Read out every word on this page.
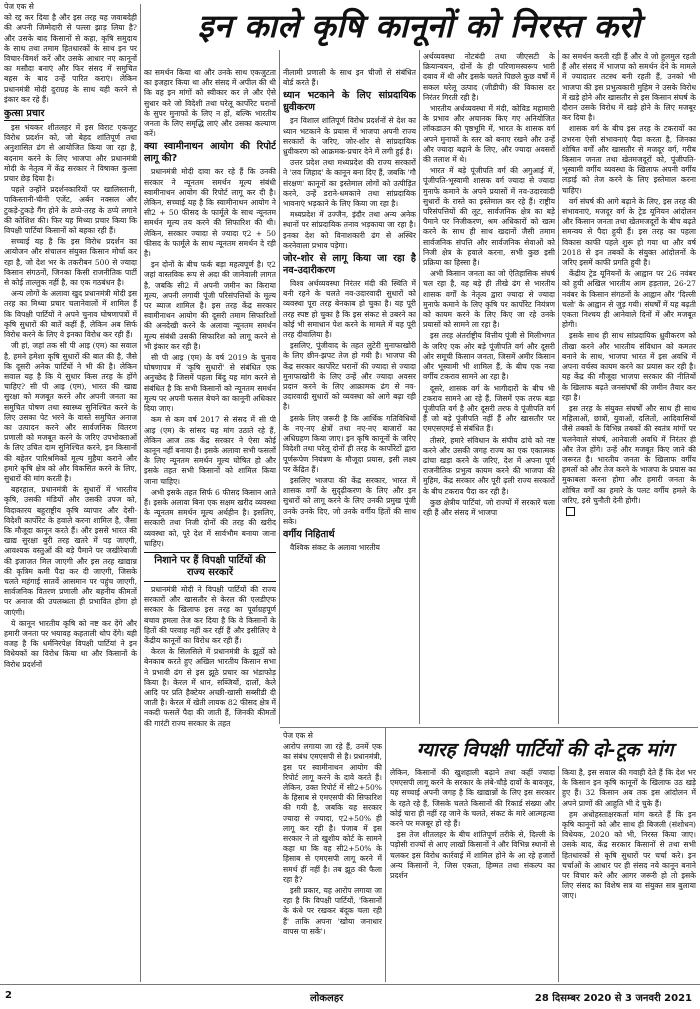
इन काले कृषि कानूनों को निरस्त करो

पेज एक से

को रद्द कर दिया है और इस तरह यह जवाबदेही की अपनी जिम्मेदारी से पल्ला झाड़ लिया है? और उसके बाद किसानों से कहा, कृषि समुदाय के साथ तथा तमाम हितधारकों के साथ इन पर विचार-विमर्श करें और उसके आधार नए कानूनों का मसौदा बनाएं और फिर संसद में समुचित बहस के बाद उन्हें पारित कराएं। लेकिन प्रधानमंत्री मोदी दुराग्रह के साथ यही करने से इंकार कर रहे हैं।

कुत्सा प्रचार

इस भंयकर शीतलहर में इस विराट एकजुट विरोध प्रदर्शन को, जो बेहद शांतिपूर्ण तथा अनुशासित ढंग से आयोजित किया जा रहा है, बदनाम करने के लिए भाजपा और प्रधानमंत्री मोदी के नेतृत्व में केंद्र सरकार ने विषाक्त कुत्सा प्रचार छेड़ दिया है।

पहले उन्होंने प्रदर्शनकारियों पर खालिस्तानी, पाकिस्तानी-चीनी एजेंट, अर्बन नक्सल और टुकड़े-टुकड़े गैंग होने के ठप्पे-तरह के ठप्पे लगाने की कोशिश की। फिर यह मिथ्या प्रचार किया कि विपक्षी पार्टियां किसानों को बहका रही हैं।

सच्चाई यह है कि इस विरोध प्रदर्शन का आयोजन और संचालन संयुक्त किसान मोर्चा कर रहा है, जो देश भर के तकरीबन 500 से ज्यादा किसान संगठनों, जिनका किसी राजनीतिक पार्टी से कोई ताल्लुक नहीं है, का एक गठबंधन है।

अन्य लोगों के अलावा खुद प्रधानमंत्री मोदी इस तरह का मिथ्या प्रचार चलानेवालों में शामिल हैं कि विपक्षी पार्टियों ने अपने चुनाव घोषणापत्रों में कृषि सुधारों की बातें कहीं हैं, लेकिन अब सिर्फ विरोध करने के लिए वे इनका विरोध कर रही हैं।

जी हां, जहां तक सी पी आइ (एम) का सवाल है, हमने हमेशा कृषि सुधारों की बात की है, जैसे कि दूसरी अनेक पार्टियों ने भी की है। लेकिन सवाल यह है कि ये सुधार किस तरह के होंगे चाहिए? सी पी आइ (एम), भारत की खाद्य सुरक्षा को मजबूत करने और अपनी जनता का समुचित पोषण तथा स्वास्थ्य सुनिश्चित करने के लिए उसका पेट भरने के वास्ते समुचित अनाज का उत्पादन करने और सार्वजनिक वितरण प्रणाली को मजबूत करने के जरिए उपभोक्ताओं के लिए उचित दाम सुनिश्चित करने, इन किसानों की बहेतर पारिश्रमिकों मूल्य मुहैया कराने और हमारे कृषि क्षेत्र को और विकसित करने के लिए, सुधारों की मांग करती है।

बहरहाल, प्रधानमंत्री के सुधारों में भारतीय कृषि, उसकी मंडियों और उसकी उपज को, विदाकारय बहुराष्ट्रीय कृषि व्यापार और देसी-विदेशी कार्पोरेट के हवाले करना शामिल है, जैसा कि मौजूदा कानून करते हैं। और इससे भारत की खाद्य सुरक्षा बुरी तरह खतरे में पड़ जाएगी, आवश्यक वस्तुओं की बड़े पैमाने पर जखीरेबाजी की इजाजत मिल जाएगी और इस तरह खाद्यान्न की कृत्रिम कमी पैदा कर दी जाएगी, जिसके चलते महंगाई सातवें आसमान पर पहुंच जाएगी, सार्वजनिक वितरण प्रणाली और बहनीय कीमतों पर अनाज की उपलब्धता ही प्रभावित होगा हो जाएंगी।

ये कानून भारतीय कृषि को नष्ट कर देंगे और हमारी जनता पर भयावह कहताली थोप देंगे। यही वजह है कि धर्मनिरपेक्ष विपक्षी पार्टियां ने इन विधेयकों का विरोध किया था और किसानों के विरोध प्रदर्शनों

का समर्थन किया था और उनके साथ एकजुटता का इजहार किया था और संसद में अपील की थी कि वह इन मांगों को स्वीकार कर ले और ऐसे सुधार करे जो विदेशी तथा घरेलू कार्पोरेट घरानों के सुपर मुनाफों के लिए न हों, बल्कि भारतीय जनता के लिए समृद्धि लाएं और उसका कल्याण करें।

क्या स्वामीनाथन आयोग की रिपोर्ट लागू की?

प्रधानमंत्री मोदी दावा कर रहे हैं कि उनकी सरकार ने न्यूनतम समर्थन मूल्य संबंधी स्वामीनाथन आयोग की रिपोर्ट लागू कर दी है। लेकिन, सच्चाई यह है कि स्वामीनाथन आयोग ने सी2 + 50 फीसद के फार्मूले के साथ न्यूनतम समर्थन मूल्य तय करने की सिफारिश की थी। लेकिन, सरकार ज्यादा से ज्यादा ए2 + 50 फीसद के फार्मूले के साथ न्यूनतम समर्थन दे रही है।

इन दोनों के बीच फर्क बड़ा महत्वपूर्ण है। ए2 जहां वास्तविक रूप से अदा की जानेवाली लागत है, जबकि सी2 में अपनी जमीन का किराया मूल्य, अपनी लगायी पूंजी परिसंपत्तियों के मूल्य पर ब्याज शामिल है। इस तरह केंद्र सरकार स्वामीनाथन आयोग की दूसरी तमाम सिफारिशों की अनदेखी करने के अलावा न्यूनतम समर्थन मूल्य संबंधी उसकी सिफारिश को लागू करने से भी इंकार कर रही है।

सी पी आइ (एम) के वर्ष 2019 के चुनाव घोषणापत्र में 'कृषि सुधारों' से संबंधित एक अनुच्छेद है जिसमें पहला बिंदु यह मांग करने से संबंधित है कि सभी किसानों को न्यूनतम समर्थन मूल्य पर अपनी फसल बेचने का कानूनी अधिकार दिया जाए।

कम से कम वर्ष 2017 से संसद में सी पी आइ (एम) के सांसद यह मांग उठाते रहे हैं, लेकिन आज तक केंद्र सरकार ने ऐसा कोई कानून नहीं बनाया है। इसके अलावा सभी फसलों के लिए न्यूनतम समर्थन मूल्य घोषित हो और इसके तहत सभी किसानों को शामिल किया जाना चाहिए।

अभी इसके तहत सिर्फ 6 फीसद किसान आते हैं। इसके अलावा बिना एक सक्षम खरीद व्यवस्था के न्यूनतम समर्थन मूल्य अर्थहीन है। इसलिए, सरकारी तथा निजी दोनों की तरह की खरीद व्यवस्था को, पूरे देश में सार्वभौम बनाया जाना चाहिए।

निशाने पर हैं विपक्षी पार्टियों की राज्य सरकारें

प्रधानमंत्री मोदी ने विपक्षी पार्टियों की राज्य सरकारों और खासतौर से केरल की एलडीएफ सरकार के खिलाफ इस तरह का पूर्वाग्रहपूर्ण बचाव हमला तेज कर दिया है कि वे किसानों के हितों की परवाह नहीं कर रहीं हैं और इसीलिए वे केंद्रीय कानूनों का विरोध कर रही हैं।

केरल के सिलसिले में प्रधानमंत्री के झूठों को बेनकाब करते हुए अखिल भारतीय किसान सभा ने प्रभावी ढंग से इस झूठे प्रचार का भंडाफोड़ किया है। केरल में धान, सब्जियों, दालों, केले आदि पर प्रति हैक्टेयर अच्छी-खासी सब्सीडी दी जाती है। केरल में खेती लायक 82 फीसद क्षेत्र में नकदी फसलें पैदा की जाती हैं, जिनकी कीमतों की गारंटी राज्य सरकार के तहत

नीलामी प्रणाली के साथ इन चीजों से संबंधित बोर्ड करते हैं।

ध्यान भटकाने के लिए सांप्रदायिक ध्रुवीकरण

इन विशाल शांतिपूर्ण विरोध प्रदर्शनों से देश का ध्यान भटकाने के प्रयास में भाजपा अपनी राज्य सरकारों के जरिए, जोर-शोर से सांप्रदायिक ध्रुवीकरण को आक्रमक-प्रचार देने में लगी हुई है।

उत्तर प्रदेश तथा मध्यप्रदेश की राज्य सरकारों ने 'लव जिहाद' के कानून बना दिए हैं, जबकि 'गौ संरक्षण' कानूनों का इस्तेमाल लोगों को उत्पीड़ित करने, उन्हें डराने-धमकाने तथा सांप्रदायिक भावनाएं भड़काने के लिए किया जा रहा है।

मध्यप्रदेश में उज्जैन, इंदौर तथा अन्य अनेक स्थानों पर सांप्रदायिक तनाव भड़काया जा रहा है। इनका देश को विनाशकारी ढंग से अस्थिर करनेवाला प्रभाव पड़ेगा।

जोर-शोर से लागू किया जा रहा है नव-उदारीकरण

विश्व अर्थव्यवस्था निरंतर मंदी की स्थिति में बनी रहने के चलते नव-उदारवादी सुधारों को व्यवस्था पूरा तरह बेनकाब हो चुका है। यह पूरी तरह स्पष्ट हो चुका है कि इस संकट से उबरने का कोई भी समाधान पेश करने के मामले में यह पूरी तरह दीवालिया है।

इसलिए, पूंजीवाद के तहत लुटेरी मुनाफाखोरी के लिए छीन-झपट तेज हो गयी है। भाजपा की केंद्र सरकार कार्पोरेट घरानों की ज्यादा से ज्यादा मुनाफाखोरी के लिए उन्हें और ज्यादा अवसर प्रदान करने के लिए आक्रामक ढंग से नव-उदारवादी सुधारों को व्यवस्था को आगे बढ़ा रही है।

इसके लिए जरूरी है कि आर्थिक गतिविधियों के नए-नए क्षेत्रों तथा नए-नए बाजारों का अधिग्रहण किया जाए। इन कृषि कानूनों के जरिए विदेशी तथा घरेलू दोनों ही तरह के कार्पोरेटों द्वारा पूर्णरूपेण नियंत्रण के मौजूदा प्रयास, इसी लक्ष्य पर केंद्रित हैं।

इसलिए भाजपा की केंद्र सरकार, भारत में शासक वर्गों के सुदृढ़ीकरण के लिए और इन सुधारों को लागू करने के लिए उनकी प्रमुख पूंजी उनके उनके दिए, जो उनके वर्गीय हितों की साथ सके।

वर्गीय निहितार्थ

वैश्विक संकट के अलावा भारतीय

अर्थव्यवस्था नोटबंदी तथा जीएसटी के क्रियान्वयन, दोनों के ही परिणामस्वरूप भारी दबाव में थी और इसके चलते पिछले कुछ वर्षों में सकल घरेलू उत्पाद (जीडीपी) की विकास दर निरंतर गिरती रही है।

भारतीय अर्थव्यवस्था में मंदी, कोविड महामारी के प्रभाव और अचानक किए गए अनियोजित लॉकडाउन की पृष्ठभूमि में, भारत के शासक वर्ग अपने मुनाफों के स्तर को बनाए रखने और उन्हें और ज्यादा बढ़ाने के लिए, और ज्यादा अवसरों की तलाश में थे।

भारत में बड़े पूंजीपति वर्ग की अगुआई में, पूंजीपति-भूस्वामी शासक वर्ग ज्यादा से ज्यादा मुनाफे कमाने के अपने प्रयासों में नव-उदारवादी सुधारों के रास्ते का इस्तेमाल कर रहे हैं। राष्ट्रीय परिसंपत्तियों की लूट, सार्वजनिक क्षेत्र का बड़े पैमाने पर निजीकरण, श्रम अधिकारों को खत्म करने के साथ ही साथ खदानों जैसी तमाम सार्वजनिक संपत्ति और सार्वजनिक सेवाओं को निजी क्षेत्र के हवाले करना, सभी कुछ इसी प्रक्रिया का हिस्सा है।

अभी किसान जनता का जो ऐतिहासिक संघर्ष चल रहा है, वह बड़े ही तीखे ढंग से भारतीय शासक वर्गों के नेतृत्व द्वारा ज्यादा से ज्यादा मुनाफे कमाने के लिए कृषि पर कार्पोरेट नियंत्रण को कायम करने के लिए किए जा रहे उनके प्रयासों को सामने ला रहा है।

इस तरह अंतर्राष्ट्रीय वित्तीय पूंजी से मिलीभगत के जरिए एक ओर बड़े पूंजीपति वर्ग और दूसरी ओर समूची किसान जनता, जिसमें अमीर किसान और भूस्वामी भी शामिल हैं, के बीच एक नया वर्गीय टकराव सामने आ रहा है।

दूसरे, शासक वर्ग के भागीदारों के बीच भी टकराव सामने आ रहे हैं, जिसमें एक तरफ बड़ा पूंजीपति वर्ग है और दूसरी तरफ वे पूंजीपति वर्ग हैं जो बड़े पूंजीपति नहीं हैं और खासतौर पर एमएसएमई से संबंधित हैं।

तीसरे, हमारे संविधान के संघीय ढांचे को नष्ट करने और उसकी जगह राज्य का एक एकात्मक ढांचा खड़ा करने के जरिए, देश में अपना पूर्ण राजनीतिक प्रभुत्व कायम करने की भाजपा की मुहिम, केंद्र सरकार और पूरी ढ़ली राज्य सरकारों के बीच टकराव पैदा कर रही है।

कुछ क्षेत्रीय पार्टियां, जो राज्यों में सरकारें चला रही हैं और संसद में भाजपा

का समर्थन करती रही हैं और वे जो हुलमुल रहती हैं और संसद में भाजपा को समर्थन देने के मामले में ज्यादातर तटस्थ बनी रहती हैं, उनको भी भाजपा की इस प्रभुत्वकारी मुहिम ने उसके विरोध में खड़े होने और खासतौर से इस किसान संघर्ष के दौरान उसके विरोध में खड़े होने के लिए मजबूर कर दिया है।

शासक वर्ग के बीच इस तरह के टकरावों का उभरना ऐसी संभावनाएं पैदा करता है, जिनका शोषित वर्गों और खासतौर से मजदूर वर्ग, गरीब किसान जनता तथा खेतमजदूरों को, पूंजीपति-भूस्वामी वर्गीय व्यवस्था के खिलाफ अपनी वर्गीय लड़ाई को तेज करने के लिए इस्तेमाल करना चाहिए।

वर्ग संघर्ष की आगे बढ़ाने के लिए, इस तरह की संभावनाएं, मजदूर वर्ग के ट्रेड यूनियन आंदोलन और किसान जनता तथा खेतमजदूरों के बीच बढ़ते समन्वय से पैदा हुयी हैं। इस तरह का पहला विकास काफी पहले शुरू हो गया था और वर्ष 2018 से इन तबकों के संयुक्त आंदोलनों के जरिए इसमें काफी प्रगति हुयी है।

केंद्रीय ट्रेड यूनियनों के आह्वान पर 26 नवंबर को हुयी अखिल भारतीय आम हड़ताल, 26-27 नवंबर के किसान संगठनों के आह्वान और 'दिल्ली चलो' के आह्वान से जुड़ गयी। संघर्षों में यह बढ़ती एकता निश्चय ही आनेवाले दिनों में और मजबूत होगी।

इसके साथ ही साथ सांप्रदायिक ध्रुवीकरण को तीखा करने और भारतीय संविधान को कमतर बनाने के साथ, भाजपा भारत में इस अवधि में अपना वर्चस्व कायम करने का प्रयास कर रही है। यह केंद्र की मौजूदा भाजपा सरकार की नीतियों के खिलाफ बढ़ते जनसंघर्षों की जमीन तैयार कर रहा है।

इस तरह के संयुक्त संघर्षों और साथ ही साथ महिलाओं, छात्रों, युवाओं, दलितों, आदिवासियों जैसे तबकों के विभिन्न तबकों की स्वतंत्र मांगों पर चलनेवाले संघर्ष, आनेवाली अवधि में निरंतर ही और तेज होंगे। उन्हें और मजबूत किए जाने की जरूरत है। भारतीय जनता के खिलाफ वर्गीय हमलों को और तेज करने के भाजपा के प्रयास का मुकाबला करना होगा और हमारी जनता के शोषित वर्गों का हमारे के पलट वर्गीय हमले के जरिए, इसे चुनौती देनी होगी।

पेज एक से

आरोप लगाया जा रहे हैं, उनमें एक का संबंध एमएसपी से है। प्रधानमंत्री, इस पर स्वामीनाथन आयोग की रिपोर्ट लागू करने के दावे करते हैं। लेकिन, उक्त रिपोर्ट में सी2+50% के हिसाब से एमएसपी की सिफारिश की गयी है, जबकि यह सरकार ज्यादा से ज्यादा, ए2+50% ही लागू कर रही है। पंजाब में इस सरकार ने तो खुशीय कोर्ट के सामने कहा था कि वह सी2+50% के हिसाब से एमएसपी लागू करने में समर्थ हीं नहीं है। तब झूठ की फैला रहा है?

इसी प्रकार, यह आरोप लगाया जा रहा है कि विपक्षी पार्टियों, 'किसानों के कंधे पर रखकर बंदूक चला रही हैं' ताकि अपना 'खोया जनाधार वापस पा सकें'।

ग्यारह विपक्षी पार्टियों की दो-टूक मांग

लेकिन, किसानों की खुशहाली बढ़ाने तथा कहीं ज्यादा एमएसपी लागू करने के सरकार के लंबे-चौड़े दावों के बावजूद, यह सच्चाई अपनी जगह है कि खाद्यान्नों के लिए इस सरकार के रहते रहे हैं, जिसके चलते किसानों की रिकार्ड संख्या और कोई चारा ही नहीं रह जाने के चलते, संकट के मारे आत्महत्या करने पर मजबूर हो रहे हैं।

इस तेज शीतलहर के बीच शांतिपूर्ण तरीके से, दिल्ली के पड़ोसी राज्यों से आए लाखों किसानों ने और विभिन्न स्थानों से चलकर इस विरोध कार्रवाई में शामिल होने के आ रहे हजारों अन्य किसानों ने, जिस एकता, हिम्मत तथा संकल्प का प्रदर्शन

किया है, इस सवाल की गवाही देते हैं कि देश भर के किसान इन कृषि कानूनों के खिलाफ उठ खड़े हुए हैं। 32 किसान अब तक इस आंदोलन में अपने प्राणों की आहुति भी दे चुके हैं।

हम अधोहस्ताक्षरकर्ता मांग करते हैं कि इन कृषि कानूनों को और साथ ही बिजली (संशोधन) विधेयक, 2020 को भी, निरस्त किया जाए। उसके बाद, केंद्र सरकार किसानों से तथा सभी हितधारकों से कृषि सुधारों पर चर्चा करे। इन चर्चाओं के आधार पर ही संसद नये कानून बनाने पर विचार करे और आगर जरूरी हो तो इसके लिए संसद का विशेष सत्र या संयुक्त सत्र बुलाया जाए।

2	लोकलहर	28 दिसम्बर 2020 से 3 जनवरी 2021
